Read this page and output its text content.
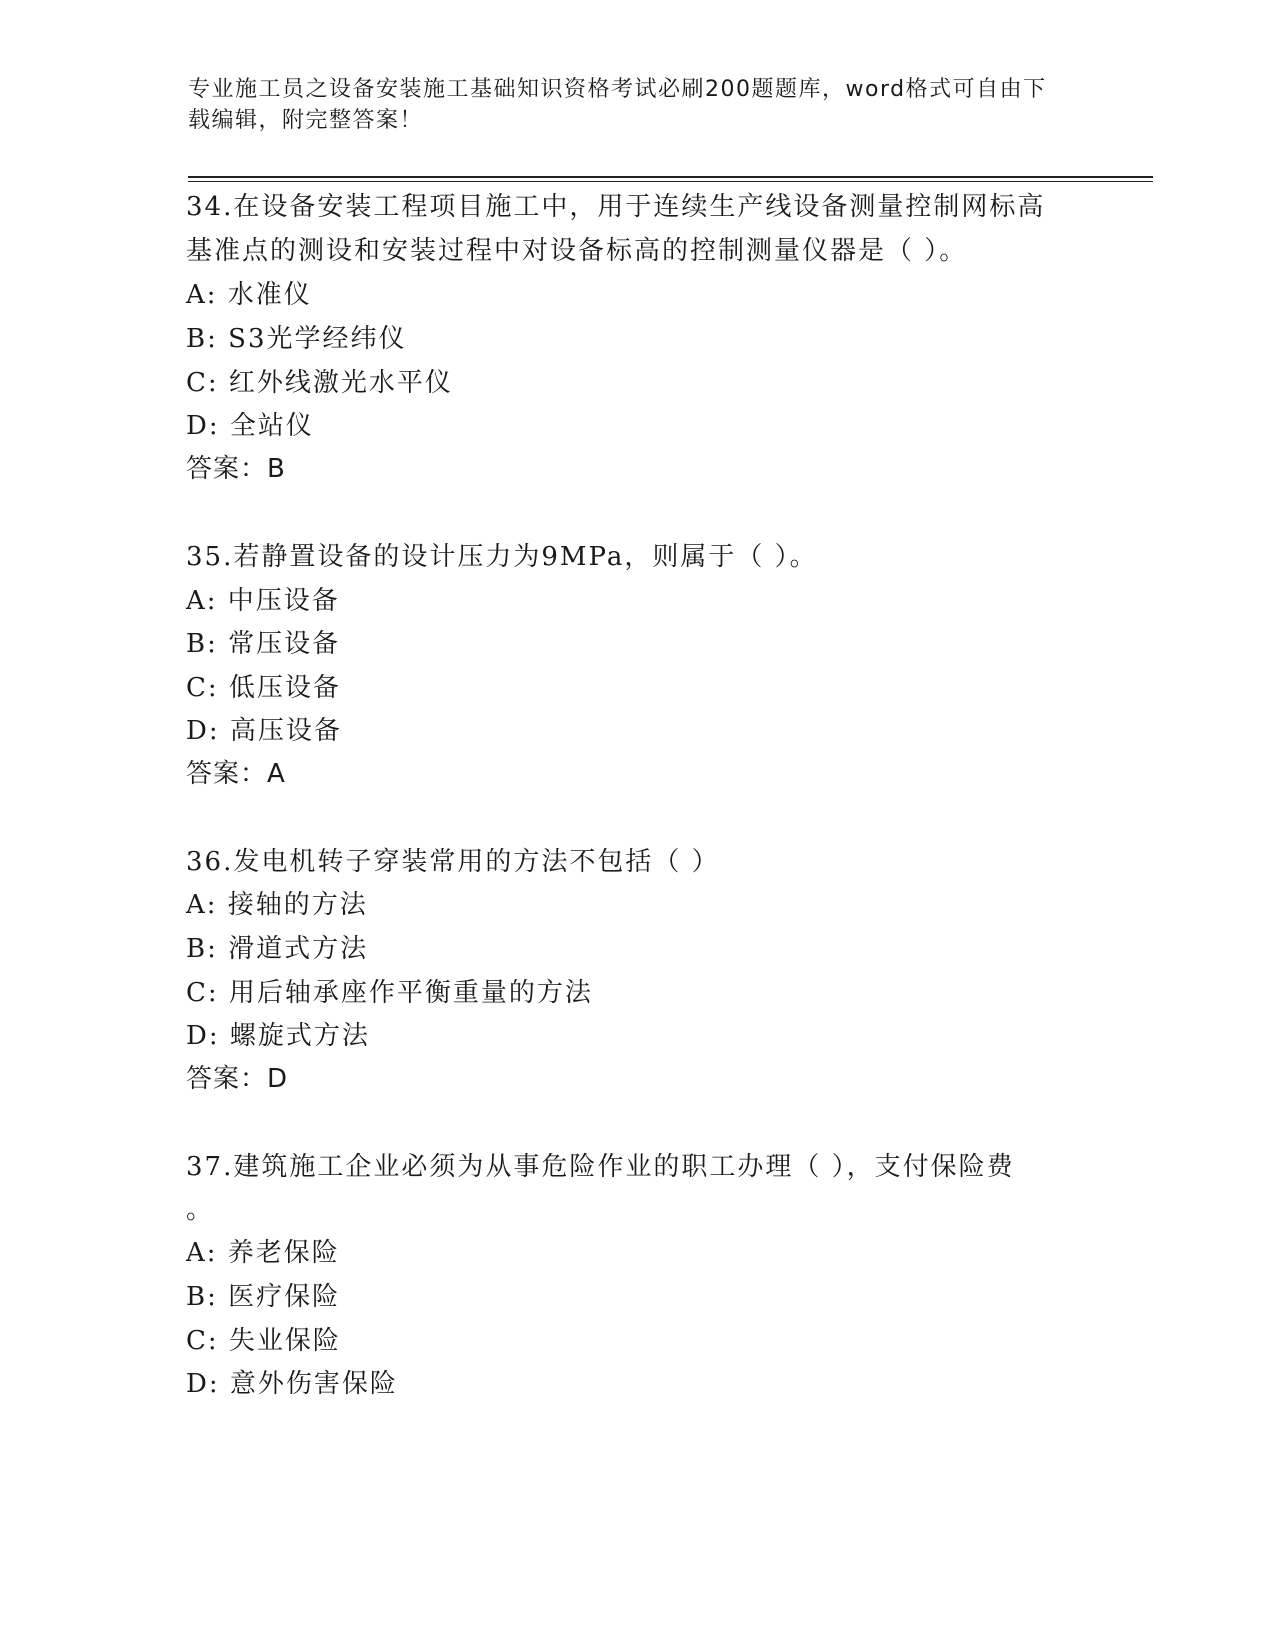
专业施工员之设备安装施工基础知识资格考试必刷200题题库，word格式可自由下载编辑，附完整答案！
34.在设备安装工程项目施工中，用于连续生产线设备测量控制网标高
基准点的测设和安装过程中对设备标高的控制测量仪器是（ ）。
A: 水准仪
B: S3光学经纬仪
C: 红外线激光水平仪
D: 全站仪
答案：B
35.若静置设备的设计压力为9MPa，则属于（ ）。
A: 中压设备
B: 常压设备
C: 低压设备
D: 高压设备
答案：A
36.发电机转子穿装常用的方法不包括（ ）
A: 接轴的方法
B: 滑道式方法
C: 用后轴承座作平衡重量的方法
D: 螺旋式方法
答案：D
37.建筑施工企业必须为从事危险作业的职工办理（ ），支付保险费
。
A: 养老保险
B: 医疗保险
C: 失业保险
D: 意外伤害保险
